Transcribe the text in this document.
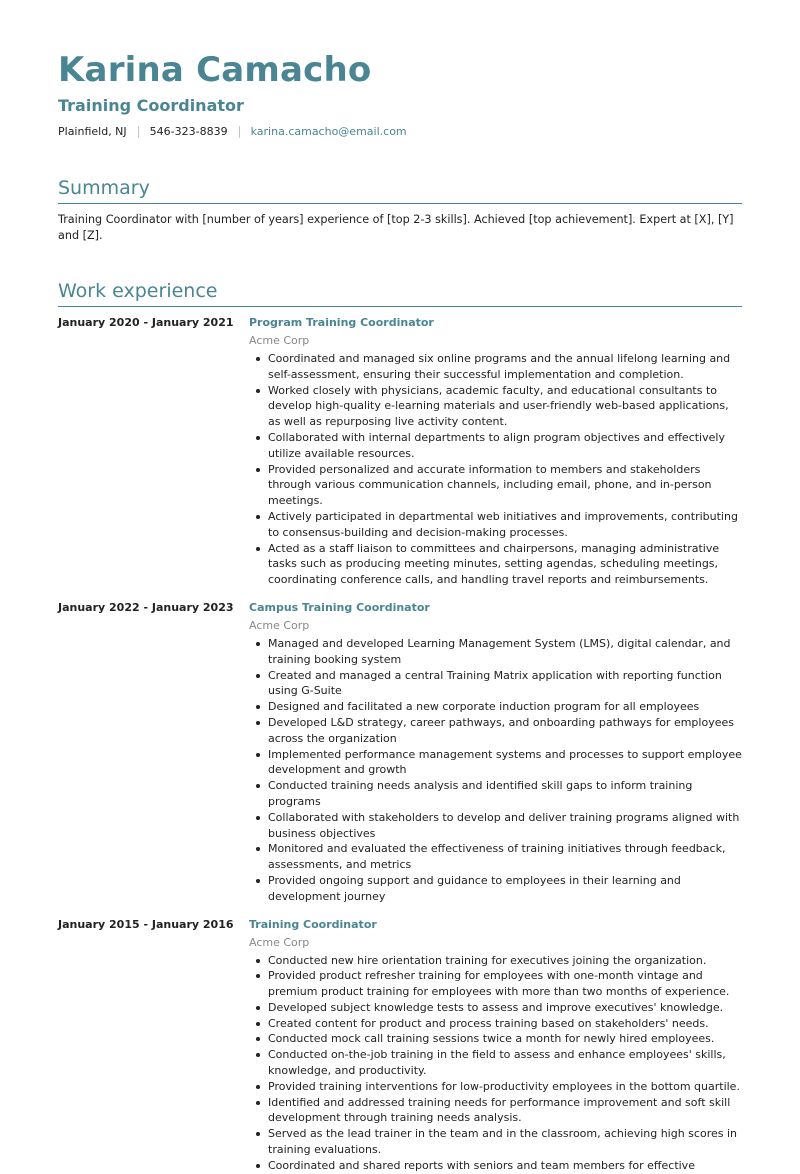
Karina Camacho
Training Coordinator
Plainfield, NJ 546-323-8839 karina.camacho@email.com
Summary
Training Coordinator with [number of years] experience of [top 2-3 skills]. Achieved [top achievement]. Expert at [X], [Y] and [Z].
Work experience
January 2020 - January 2021	Program Training Coordinator
Acme Corp
Coordinated and managed six online programs and the annual lifelong learning and self-assessment, ensuring their successful implementation and completion.
Worked closely with physicians, academic faculty, and educational consultants to develop high-quality e-learning materials and user-friendly web-based applications, as well as repurposing live activity content.
Collaborated with internal departments to align program objectives and effectively utilize available resources.
Provided personalized and accurate information to members and stakeholders through various communication channels, including email, phone, and in-person meetings.
Actively participated in departmental web initiatives and improvements, contributing to consensus-building and decision-making processes.
Acted as a staff liaison to committees and chairpersons, managing administrative tasks such as producing meeting minutes, setting agendas, scheduling meetings, coordinating conference calls, and handling travel reports and reimbursements.
January 2022 - January 2023	Campus Training Coordinator
Acme Corp
Managed and developed Learning Management System (LMS), digital calendar, and training booking system
Created and managed a central Training Matrix application with reporting function using G-Suite
Designed and facilitated a new corporate induction program for all employees
Developed L&D strategy, career pathways, and onboarding pathways for employees across the organization
Implemented performance management systems and processes to support employee development and growth
Conducted training needs analysis and identified skill gaps to inform training programs
Collaborated with stakeholders to develop and deliver training programs aligned with business objectives
Monitored and evaluated the effectiveness of training initiatives through feedback, assessments, and metrics
Provided ongoing support and guidance to employees in their learning and development journey
January 2015 - January 2016	Training Coordinator
Acme Corp
Conducted new hire orientation training for executives joining the organization.
Provided product refresher training for employees with one-month vintage and premium product training for employees with more than two months of experience.
Developed subject knowledge tests to assess and improve executives' knowledge.
Created content for product and process training based on stakeholders' needs.
Conducted mock call training sessions twice a month for newly hired employees.
Conducted on-the-job training in the field to assess and enhance employees' skills, knowledge, and productivity.
Provided training interventions for low-productivity employees in the bottom quartile.
Identified and addressed training needs for performance improvement and soft skill development through training needs analysis.
Served as the lead trainer in the team and in the classroom, achieving high scores in training evaluations.
Coordinated and shared reports with seniors and team members for effective
